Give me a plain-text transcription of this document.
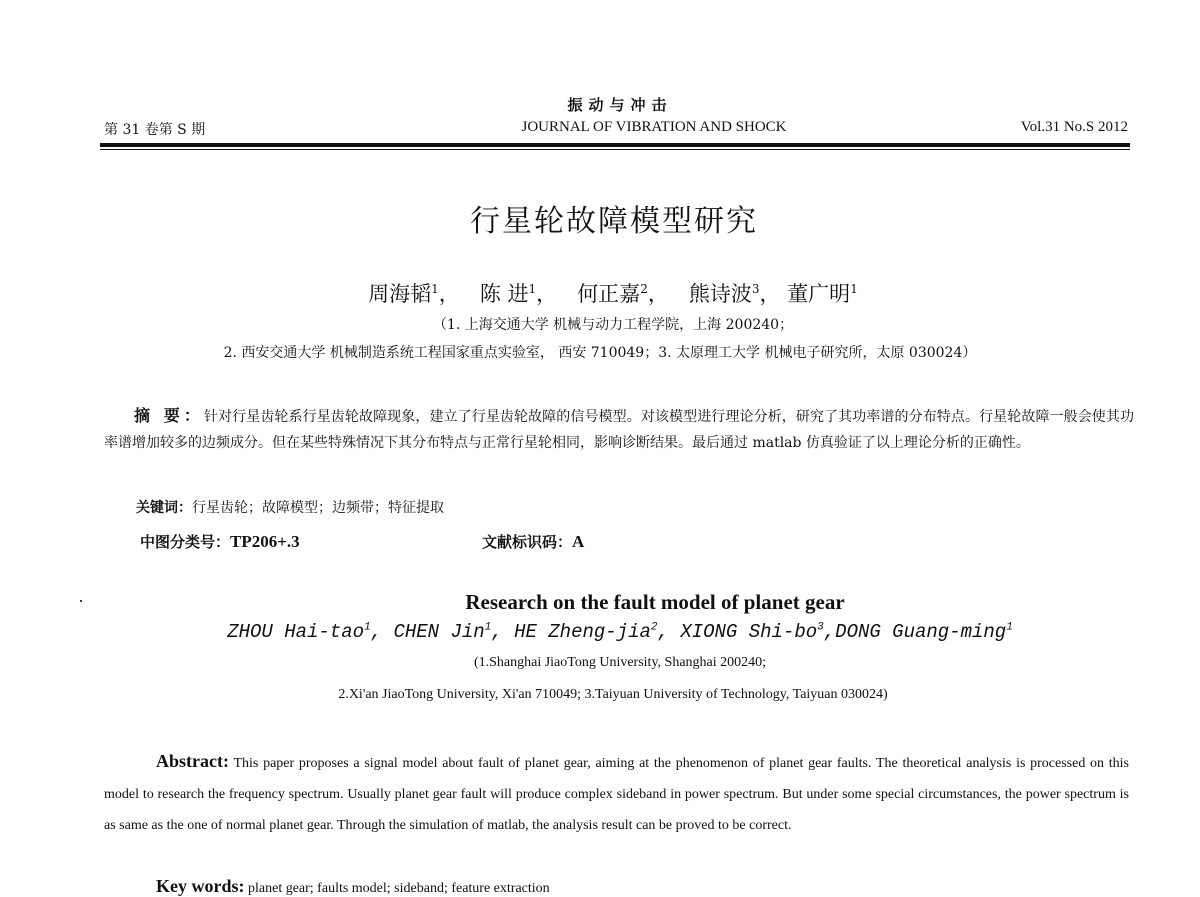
振动与冲击
第 31 卷第 S 期	JOURNAL OF VIBRATION AND SHOCK	Vol.31 No.S 2012
行星轮故障模型研究
周海韬$^1$， 陈 进$^1$， 何正嘉$^2$， 熊诗波$^3$， 董广明$^1$
（1. 上海交通大学 机械与动力工程学院，上海 200240；
2. 西安交通大学 机械制造系统工程国家重点实验室， 西安 710049；3. 太原理工大学 机械电子研究所，太原 030024）
摘 要：针对行星齿轮系行星齿轮故障现象，建立了行星齿轮故障的信号模型。对该模型进行理论分析，研究了其功率谱的分布特点。行星轮故障一般会使其功率谱增加较多的边频成分。但在某些特殊情况下其分布特点与正常行星轮相同，影响诊断结果。最后通过 matlab 仿真验证了以上理论分析的正确性。
关键词：行星齿轮；故障模型；边频带；特征提取
中图分类号：TP206+.3	文献标识码：A
Research on the fault model of planet gear
ZHOU Hai-tao$^1$, CHEN Jin$^1$, HE Zheng-jia$^2$, XIONG Shi-$bo^3,DONG$ Guang-ming$^1$
(1.Shanghai JiaoTong University, Shanghai 200240;
2.Xi'an JiaoTong University, Xi'an 710049; 3.Taiyuan University of Technology, Taiyuan 030024)
Abstract: This paper proposes a signal model about fault of planet gear, aiming at the phenomenon of planet gear faults. The theoretical analysis is processed on this model to research the frequency spectrum. Usually planet gear fault will produce complex sideband in power spectrum. But under some special circumstances, the power spectrum is as same as the one of normal planet gear. Through the simulation of matlab, the analysis result can be proved to be correct.
Key words: planet gear; faults model; sideband; feature extraction
